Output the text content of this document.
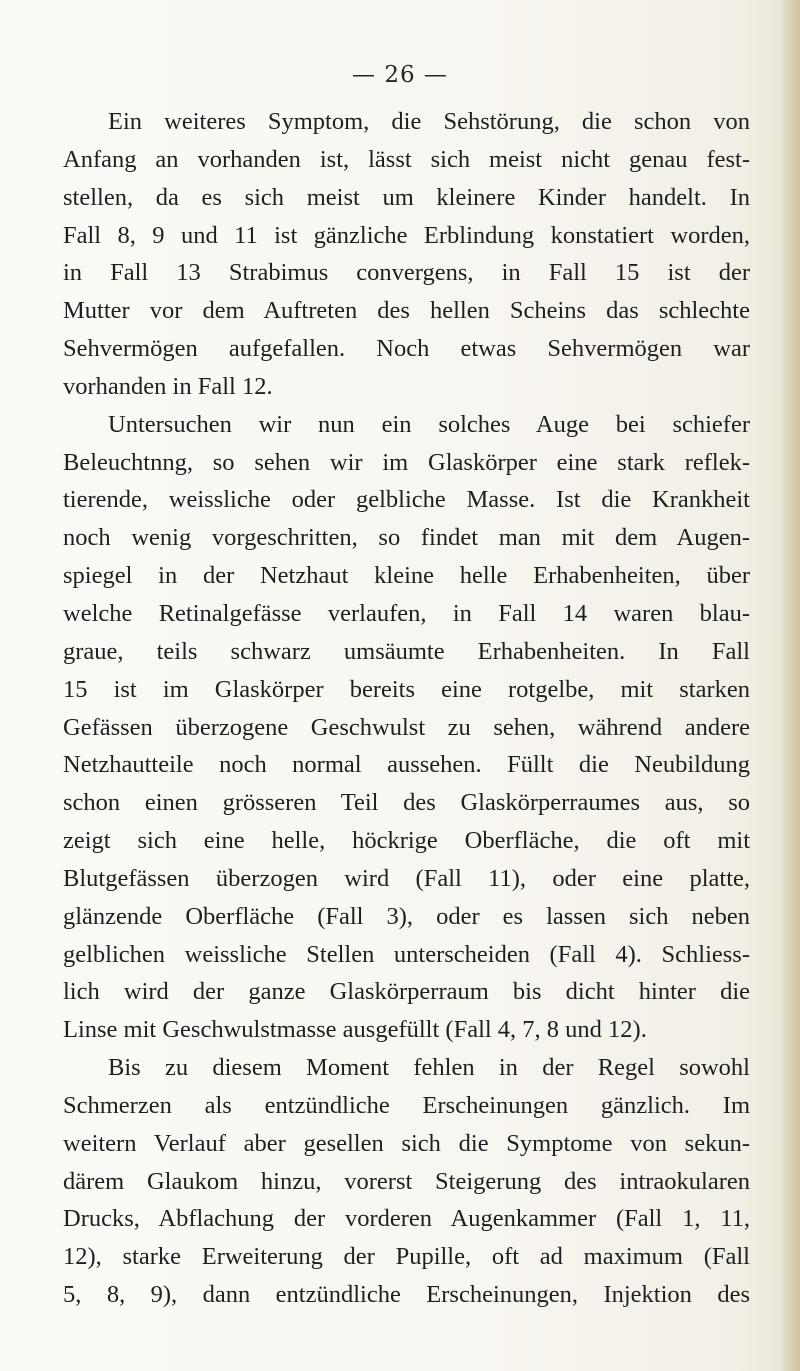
— 26 —

Ein weiteres Symptom, die Sehstörung, die schon von
Anfang an vorhanden ist, lässt sich meist nicht genau fest-
stellen, da es sich meist um kleinere Kinder handelt. In
Fall 8, 9 und 11 ist gänzliche Erblindung konstatiert worden,
in Fall 13 Strabimus convergens, in Fall 15 ist der
Mutter vor dem Auftreten des hellen Scheins das schlechte
Sehvermögen aufgefallen. Noch etwas Sehvermögen war
vorhanden in Fall 12.

Untersuchen wir nun ein solches Auge bei schiefer
Beleuchtnng, so sehen wir im Glaskörper eine stark reflek-
tierende, weissliche oder gelbliche Masse. Ist die Krankheit
noch wenig vorgeschritten, so findet man mit dem Augen-
spiegel in der Netzhaut kleine helle Erhabenheiten, über
welche Retinalgefässe verlaufen, in Fall 14 waren blau-
graue, teils schwarz umsäumte Erhabenheiten. In Fall
15 ist im Glaskörper bereits eine rotgelbe, mit starken
Gefässen überzogene Geschwulst zu sehen, während andere
Netzhautteile noch normal aussehen. Füllt die Neubildung
schon einen grösseren Teil des Glaskörperraumes aus, so
zeigt sich eine helle, höckrige Oberfläche, die oft mit
Blutgefässen überzogen wird (Fall 11), oder eine platte,
glänzende Oberfläche (Fall 3), oder es lassen sich neben
gelblichen weissliche Stellen unterscheiden (Fall 4). Schliess-
lich wird der ganze Glaskörperraum bis dicht hinter die
Linse mit Geschwulstmasse ausgefüllt (Fall 4, 7, 8 und 12).

Bis zu diesem Moment fehlen in der Regel sowohl
Schmerzen als entzündliche Erscheinungen gänzlich. Im
weitern Verlauf aber gesellen sich die Symptome von sekun-
därem Glaukom hinzu, vorerst Steigerung des intraokularen
Drucks, Abflachung der vorderen Augenkammer (Fall 1, 11,
12), starke Erweiterung der Pupille, oft ad maximum (Fall
5, 8, 9), dann entzündliche Erscheinungen, Injektion des
